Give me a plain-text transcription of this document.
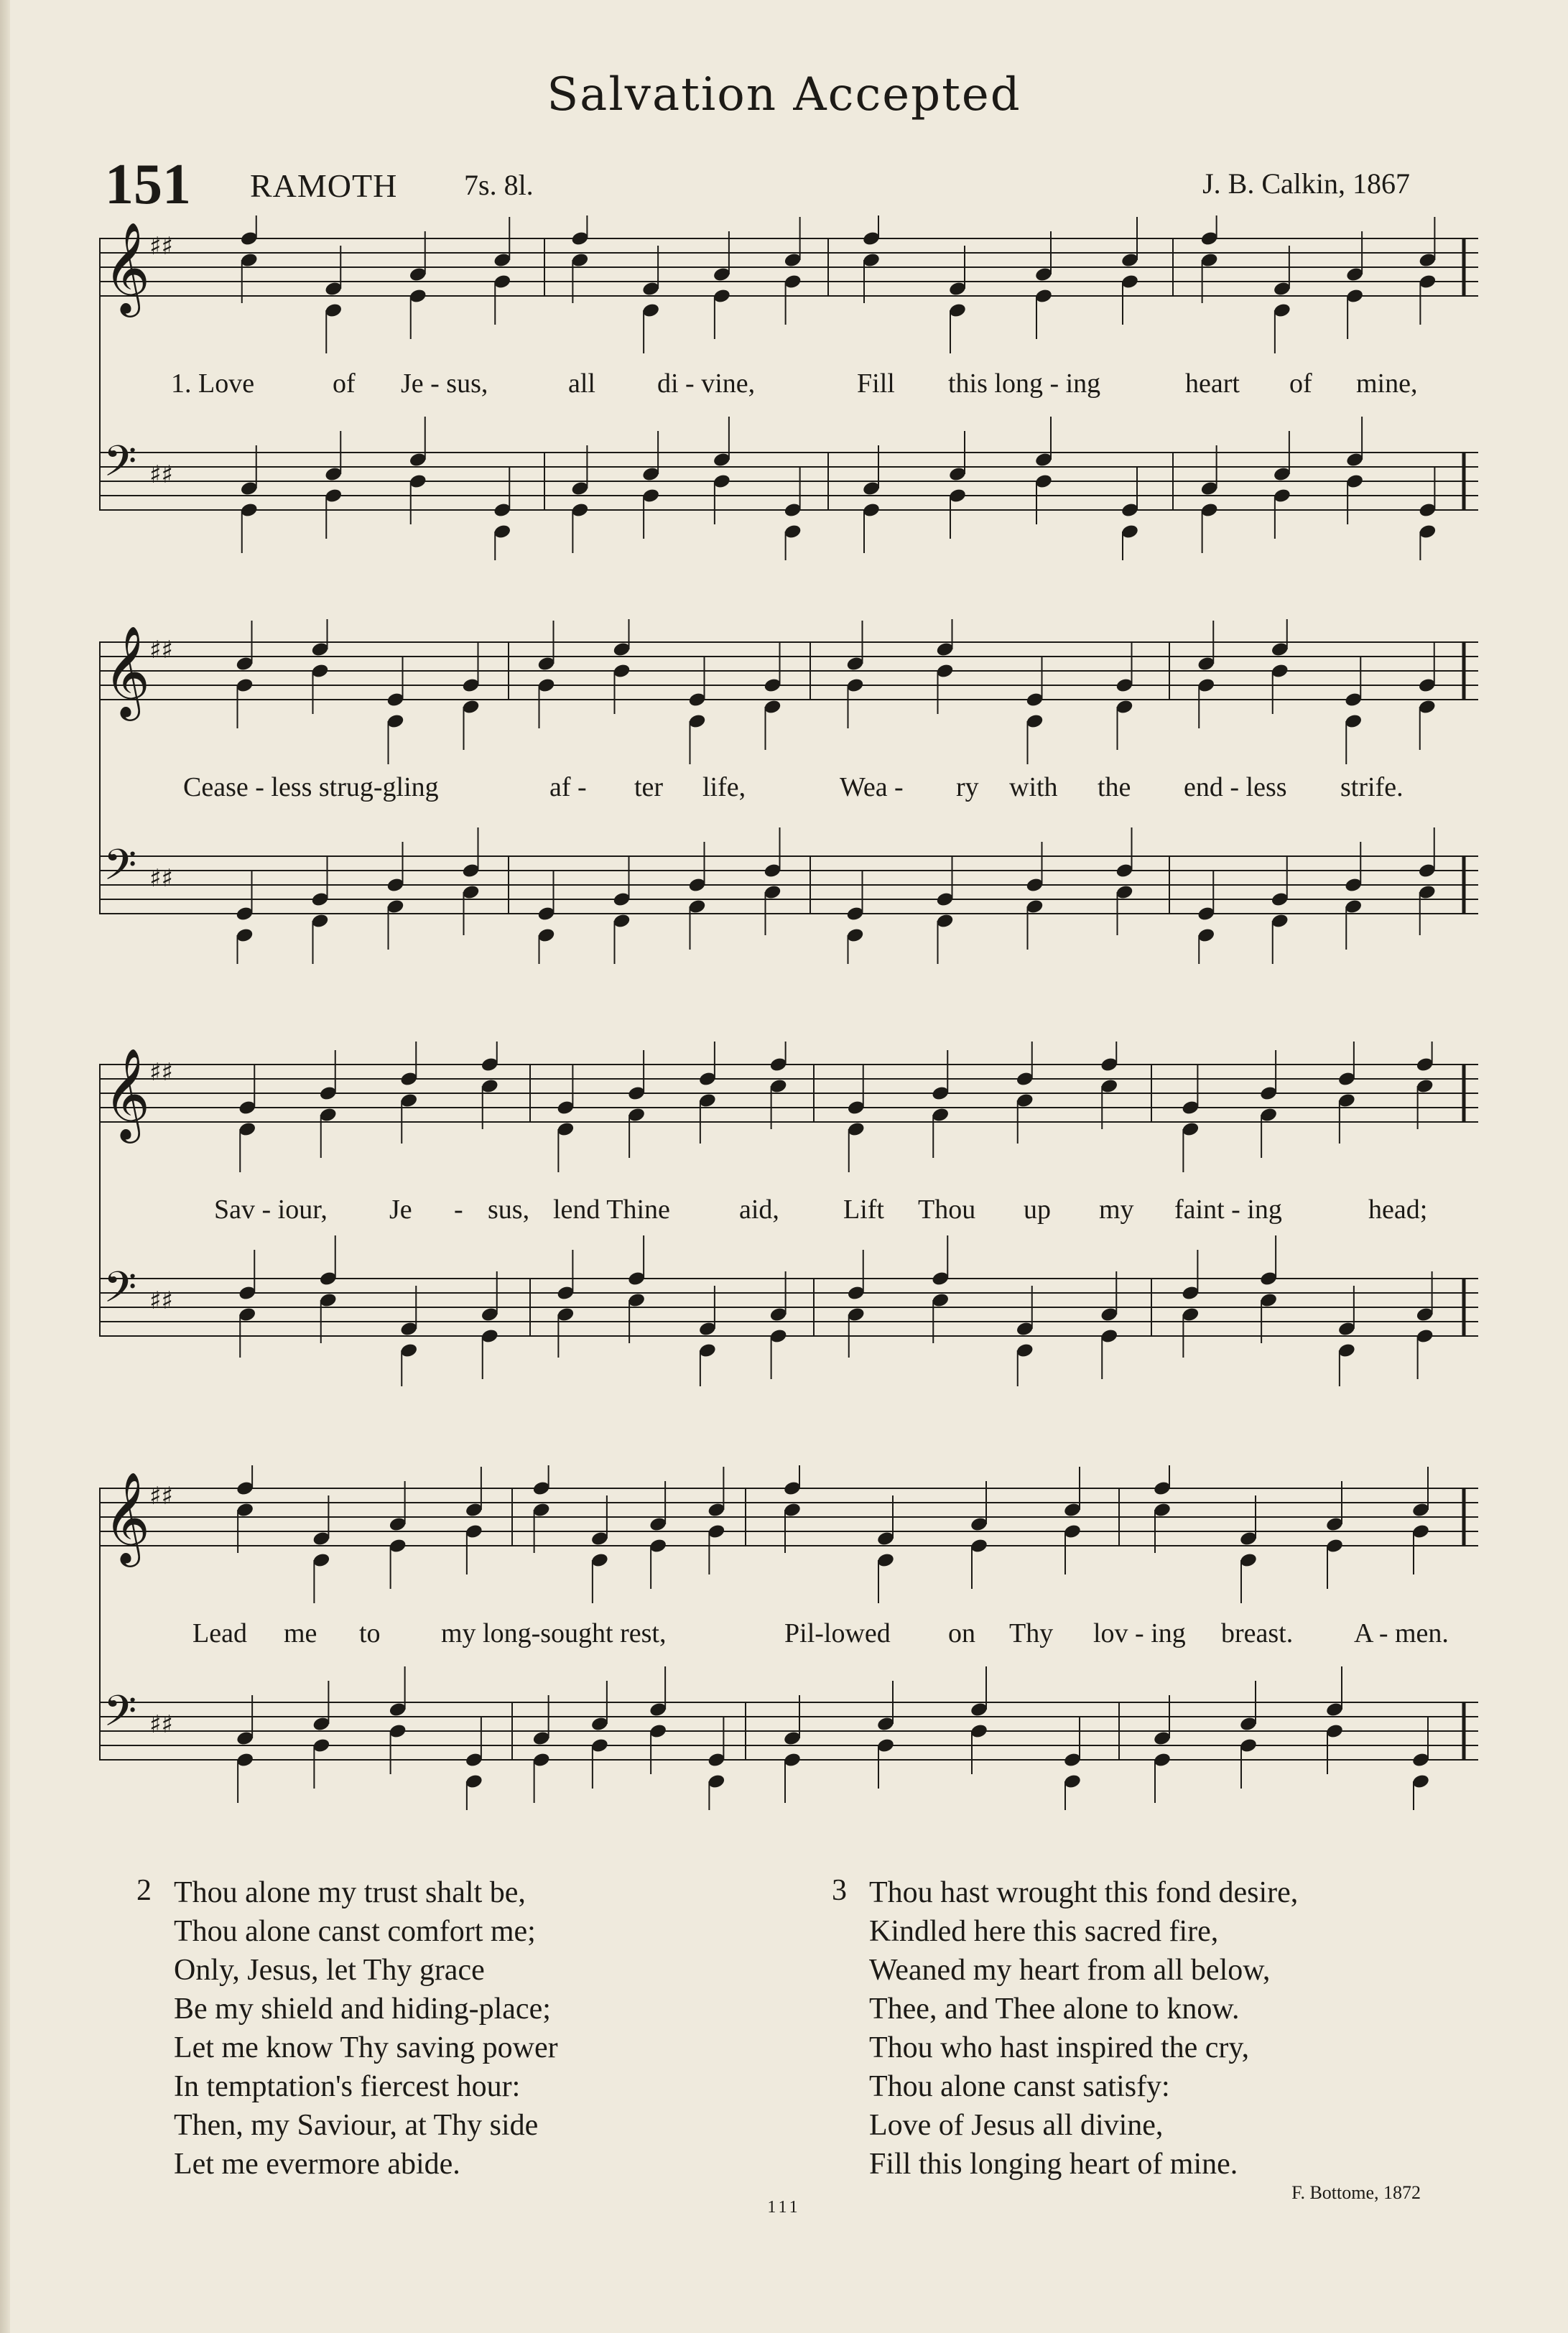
Salvation Accepted
151 RAMOTH 7s. 8l.	J. B. Calkin, 1867
𝄞
♯♯
𝄢 ♯♯
1. Love	of Je - sus,	all di - vine,	Fill this long - ing	heart of mine,
𝄞
♯♯
𝄢 ♯♯
Cease - less strug-gling	af - ter life,	Wea - ry with the end - less strife.
𝄞
♯♯
𝄢 ♯♯
Sav - iour, Je - sus, lend Thine	aid, Lift Thou up my faint - ing	head;
𝄞
♯♯
𝄢 ♯♯
Lead me to my long-sought rest,	Pil-lowed on Thy lov - ing breast. A - men.
2 Thou alone my trust shalt be,
Thou alone canst comfort me;
Only, Jesus, let Thy grace
Be my shield and hiding-place;
Let me know Thy saving power
In temptation's fiercest hour:
Then, my Saviour, at Thy side
Let me evermore abide.
3 Thou hast wrought this fond desire,
Kindled here this sacred fire,
Weaned my heart from all below,
Thee, and Thee alone to know.
Thou who hast inspired the cry,
Thou alone canst satisfy:
Love of Jesus all divine,
Fill this longing heart of mine.
F. Bottome, 1872
111
